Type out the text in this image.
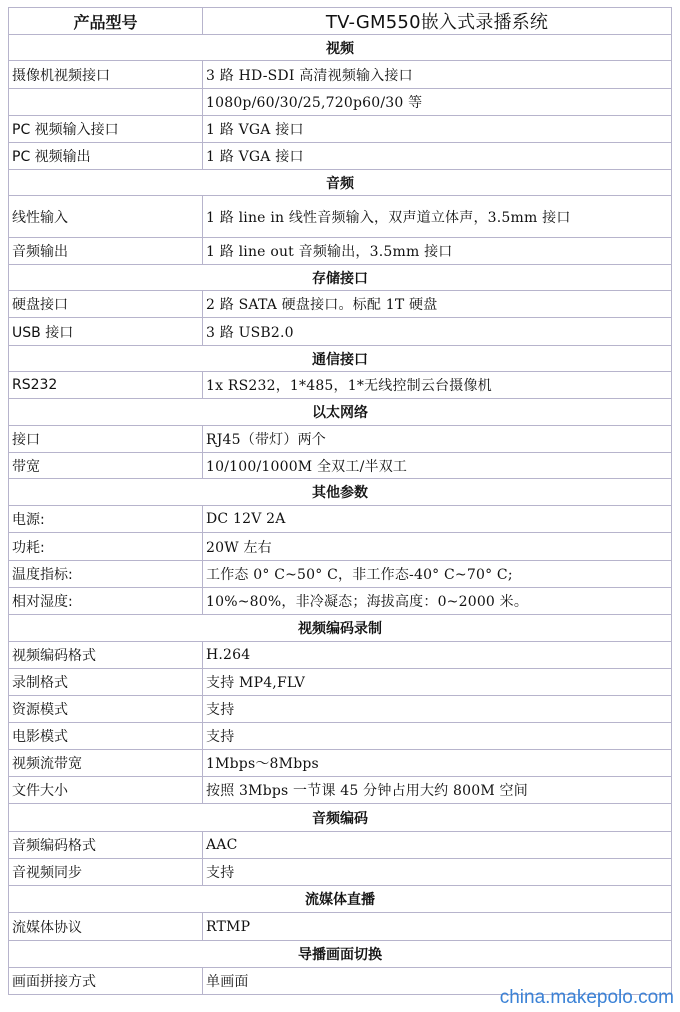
产品型号	TV-GM550嵌入式录播系统
视频	
摄像机视频接口	3 路 HD-SDI 高清视频输入接口
	1080p/60/30/25,720p60/30 等
PC 视频输入接口	1 路 VGA 接口
PC 视频输出	1 路 VGA 接口
音频	
线性输入	1 路 line in 线性音频输入，双声道立体声，3.5mm 接口
音频输出	1 路 line out 音频输出，3.5mm 接口
存储接口	
硬盘接口	2 路 SATA 硬盘接口。标配 1T 硬盘
USB 接口	3 路 USB2.0
通信接口	
RS232	1x RS232，1*485，1*无线控制云台摄像机
以太网络	
接口	RJ45（带灯）两个
带宽	10/100/1000M 全双工/半双工
其他参数	
电源:	DC 12V 2A
功耗:	20W 左右
温度指标:	工作态 0° C~50° C，非工作态-40° C~70° C;
相对湿度:	10%~80%，非冷凝态；海拔高度：0~2000 米。
视频编码录制	
视频编码格式	H.264
录制格式	支持 MP4,FLV
资源模式	支持
电影模式	支持
视频流带宽	1Mbps～8Mbps
文件大小	按照 3Mbps 一节课 45 分钟占用大约 800M 空间
音频编码	
音频编码格式	AAC
音视频同步	支持
流媒体直播	
流媒体协议	RTMP
导播画面切换	
画面拼接方式	单画面
china.makepolo.com
